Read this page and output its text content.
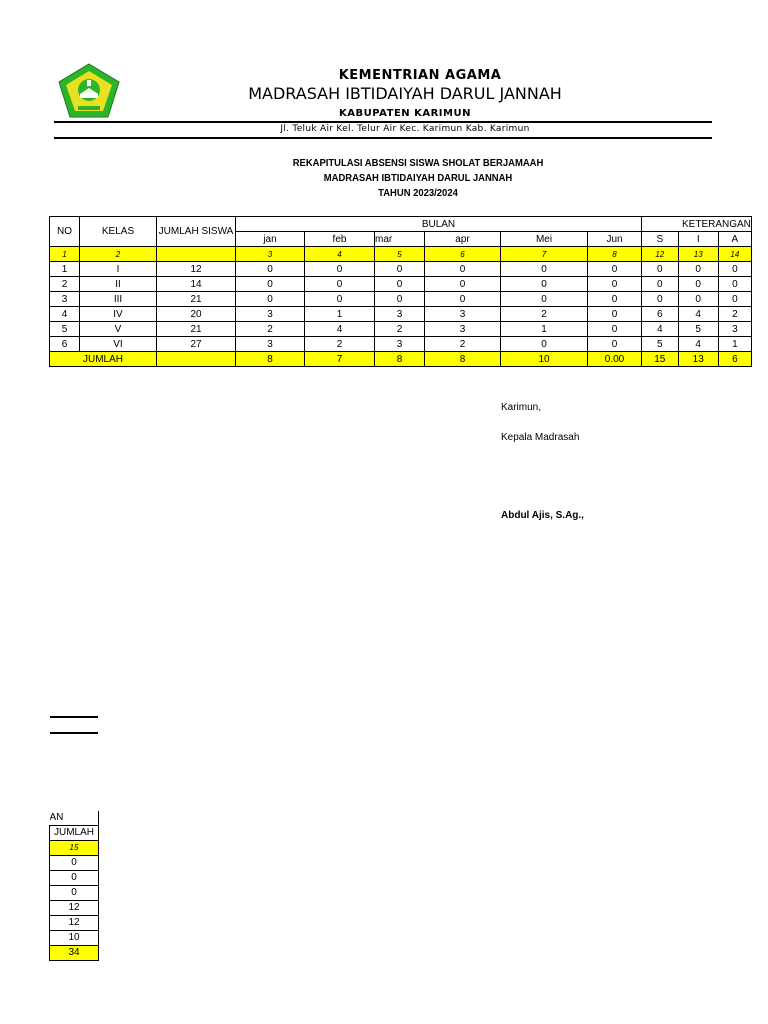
KEMENTRIAN AGAMA
MADRASAH IBTIDAIYAH DARUL JANNAH
KABUPATEN KARIMUN
Jl. Teluk Air Kel. Telur Air Kec. Karimun Kab. Karimun
REKAPITULASI ABSENSI SISWA SHOLAT BERJAMAAH
MADRASAH IBTIDAIYAH DARUL JANNAH
TAHUN 2023/2024
NO	KELAS	JUMLAH SISWA	BULAN						KETERANGAN		
			jan	feb	mar	apr	Mei	Jun	S	I	A
1	2		3	4	5	6	7	8	12	13	14
1	I	12	0	0	0	0	0	0	0	0	0
2	II	14	0	0	0	0	0	0	0	0	0
3	III	21	0	0	0	0	0	0	0	0	0
4	IV	20	3	1	3	3	2	0	6	4	2
5	V	21	2	4	2	3	1	0	4	5	3
6	VI	27	3	2	3	2	0	0	5	4	1
JUMLAH			8	7	8	8	10	0.00	15	13	6
Karimun,
Kepala Madrasah
Abdul Ajis, S.Ag.,
AN
JUMLAH
15
0
0
0
12
12
10
34
